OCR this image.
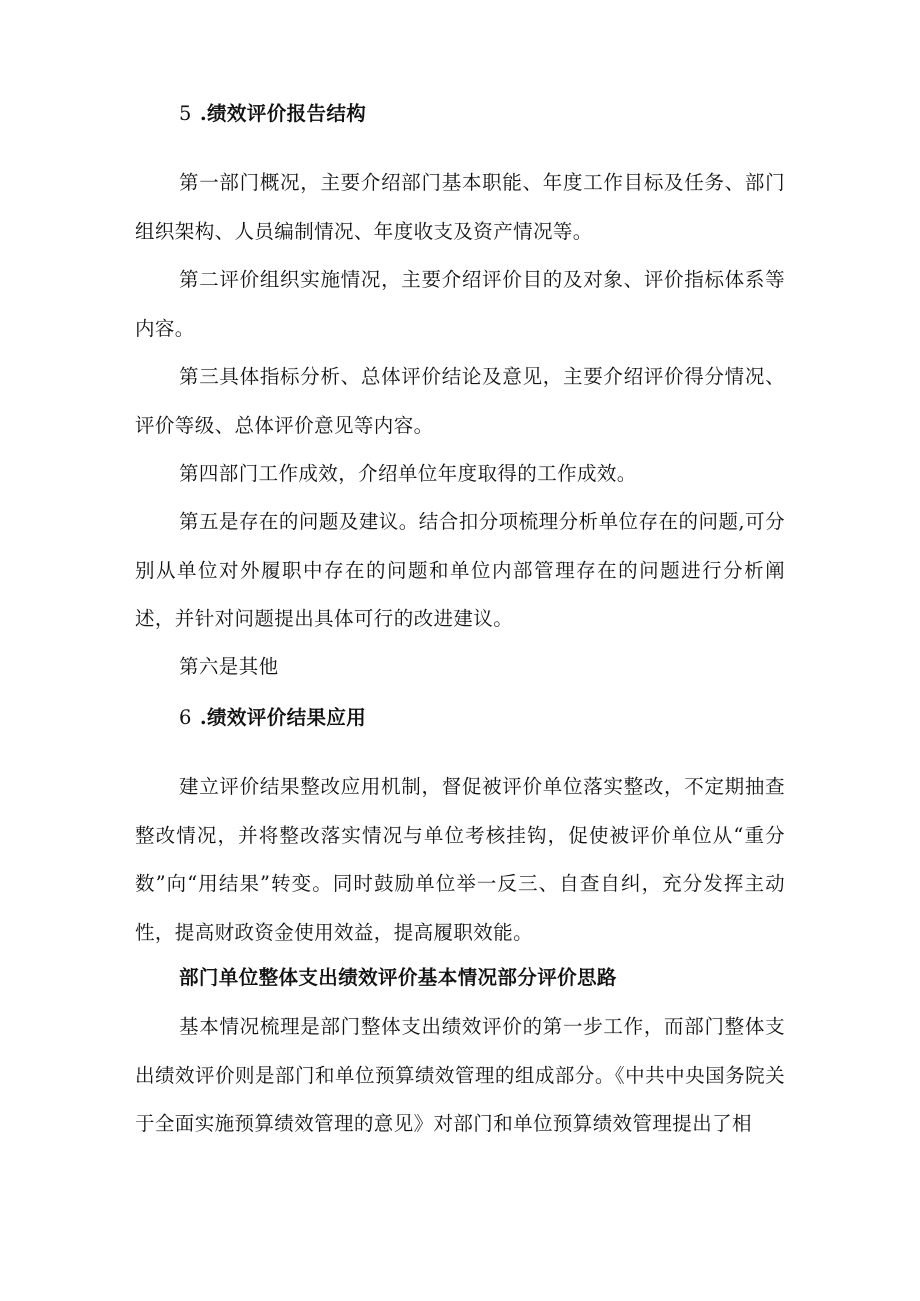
5 .绩效评价报告结构

第一部门概况，主要介绍部门基本职能、年度工作目标及任务、部门组织架构、人员编制情况、年度收支及资产情况等。

第二评价组织实施情况，主要介绍评价目的及对象、评价指标体系等内容。

第三具体指标分析、总体评价结论及意见，主要介绍评价得分情况、评价等级、总体评价意见等内容。

第四部门工作成效，介绍单位年度取得的工作成效。

第五是存在的问题及建议。结合扣分项梳理分析单位存在的问题,可分别从单位对外履职中存在的问题和单位内部管理存在的问题进行分析阐述，并针对问题提出具体可行的改进建议。

第六是其他

6 .绩效评价结果应用

建立评价结果整改应用机制，督促被评价单位落实整改，不定期抽查整改情况，并将整改落实情况与单位考核挂钩，促使被评价单位从“重分数”向“用结果”转变。同时鼓励单位举一反三、自查自纠，充分发挥主动性，提高财政资金使用效益，提高履职效能。

部门单位整体支出绩效评价基本情况部分评价思路

基本情况梳理是部门整体支出绩效评价的第一步工作，而部门整体支出绩效评价则是部门和单位预算绩效管理的组成部分。《中共中央国务院关于全面实施预算绩效管理的意见》对部门和单位预算绩效管理提出了相
